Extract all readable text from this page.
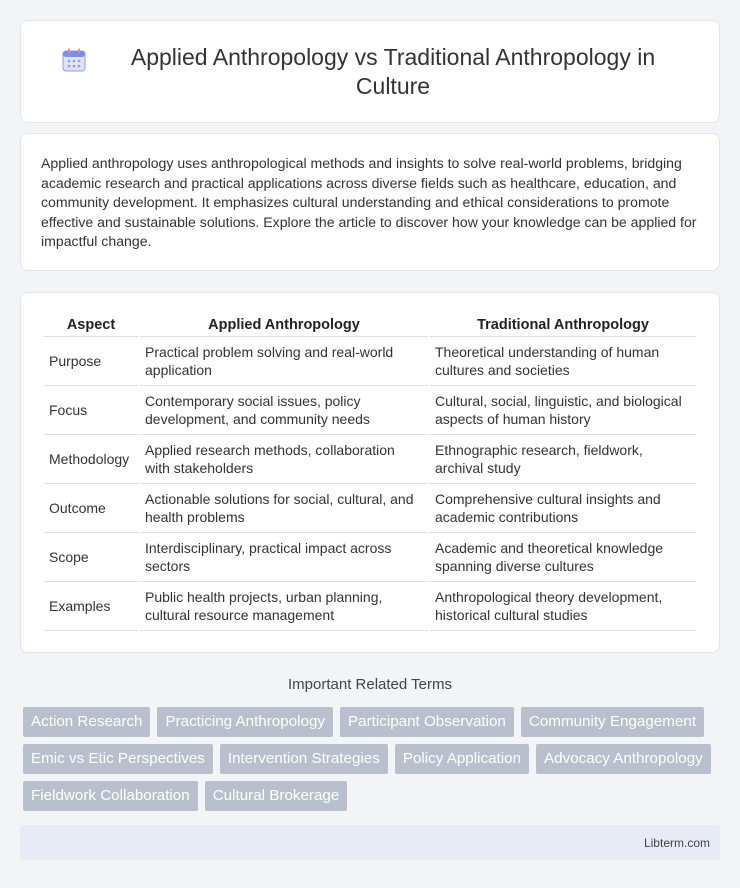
Applied Anthropology vs Traditional Anthropology in Culture

Applied anthropology uses anthropological methods and insights to solve real-world problems, bridging academic research and practical applications across diverse fields such as healthcare, education, and community development. It emphasizes cultural understanding and ethical considerations to promote effective and sustainable solutions. Explore the article to discover how your knowledge can be applied for impactful change.

Aspect	Applied Anthropology	Traditional Anthropology
Purpose	Practical problem solving and real-world application	Theoretical understanding of human cultures and societies
Focus	Contemporary social issues, policy development, and community needs	Cultural, social, linguistic, and biological aspects of human history
Methodology	Applied research methods, collaboration with stakeholders	Ethnographic research, fieldwork, archival study
Outcome	Actionable solutions for social, cultural, and health problems	Comprehensive cultural insights and academic contributions
Scope	Interdisciplinary, practical impact across sectors	Academic and theoretical knowledge spanning diverse cultures
Examples	Public health projects, urban planning, cultural resource management	Anthropological theory development, historical cultural studies
Important Related Terms
Action Research	Practicing Anthropology	Participant Observation	Community Engagement
Emic vs Etic Perspectives	Intervention Strategies	Policy Application	Advocacy Anthropology
Fieldwork Collaboration	Cultural Brokerage
Libterm.com
